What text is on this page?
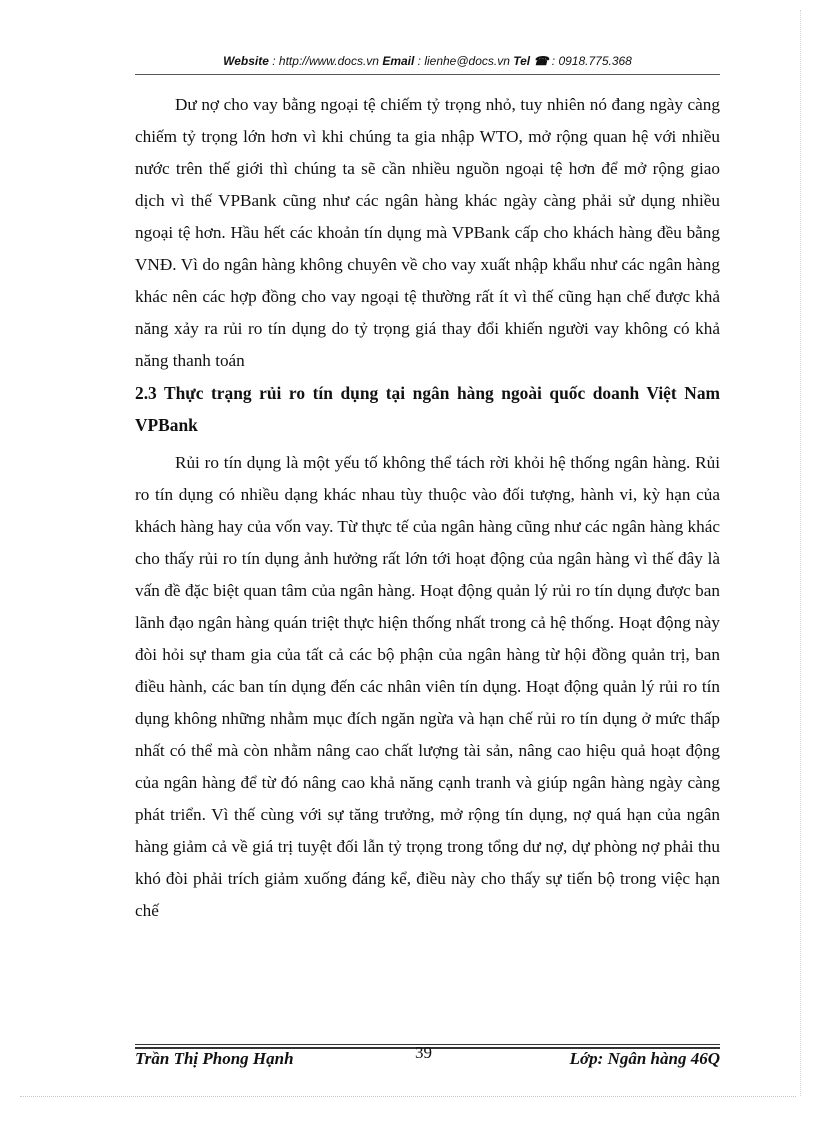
Website : http://www.docs.vn Email : lienhe@docs.vn Tel ☎ : 0918.775.368

Dư nợ cho vay bằng ngoại tệ chiếm tỷ trọng nhỏ, tuy nhiên nó đang ngày càng chiếm tỷ trọng lớn hơn vì khi chúng ta gia nhập WTO, mở rộng quan hệ với nhiều nước trên thế giới thì chúng ta sẽ cần nhiều nguồn ngoại tệ hơn để mở rộng giao dịch vì thế VPBank cũng như các ngân hàng khác ngày càng phải sử dụng nhiều ngoại tệ hơn. Hầu hết các khoản tín dụng mà VPBank cấp cho khách hàng đều bằng VNĐ. Vì do ngân hàng không chuyên về cho vay xuất nhập khẩu như các ngân hàng khác nên các hợp đồng cho vay ngoại tệ thường rất ít vì thế cũng hạn chế được khả năng xảy ra rủi ro tín dụng do tỷ trọng giá thay đổi khiến người vay không có khả năng thanh toán

2.3 Thực trạng rủi ro tín dụng tại ngân hàng ngoài quốc doanh Việt Nam VPBank

Rủi ro tín dụng là một yếu tố không thể tách rời khỏi hệ thống ngân hàng. Rủi ro tín dụng có nhiều dạng khác nhau tùy thuộc vào đối tượng, hành vi, kỳ hạn của khách hàng hay của vốn vay. Từ thực tế của ngân hàng cũng như các ngân hàng khác cho thấy rủi ro tín dụng ảnh hưởng rất lớn tới hoạt động của ngân hàng vì thế đây là vấn đề đặc biệt quan tâm của ngân hàng. Hoạt động quản lý rủi ro tín dụng được ban lãnh đạo ngân hàng quán triệt thực hiện thống nhất trong cả hệ thống. Hoạt động này đòi hỏi sự tham gia của tất cả các bộ phận của ngân hàng từ hội đồng quản trị, ban điều hành, các ban tín dụng đến các nhân viên tín dụng. Hoạt động quản lý rủi ro tín dụng không những nhằm mục đích ngăn ngừa và hạn chế rủi ro tín dụng ở mức thấp nhất có thể mà còn nhằm nâng cao chất lượng tài sản, nâng cao hiệu quả hoạt động của ngân hàng để từ đó nâng cao khả năng cạnh tranh và giúp ngân hàng ngày càng phát triển. Vì thế cùng với sự tăng trưởng, mở rộng tín dụng, nợ quá hạn của ngân hàng giảm cả về giá trị tuyệt đối lẫn tỷ trọng trong tổng dư nợ, dự phòng nợ phải thu khó đòi phải trích giảm xuống đáng kể, điều này cho thấy sự tiến bộ trong việc hạn chế

Trần Thị Phong Hạnh	39	Lớp: Ngân hàng 46Q
